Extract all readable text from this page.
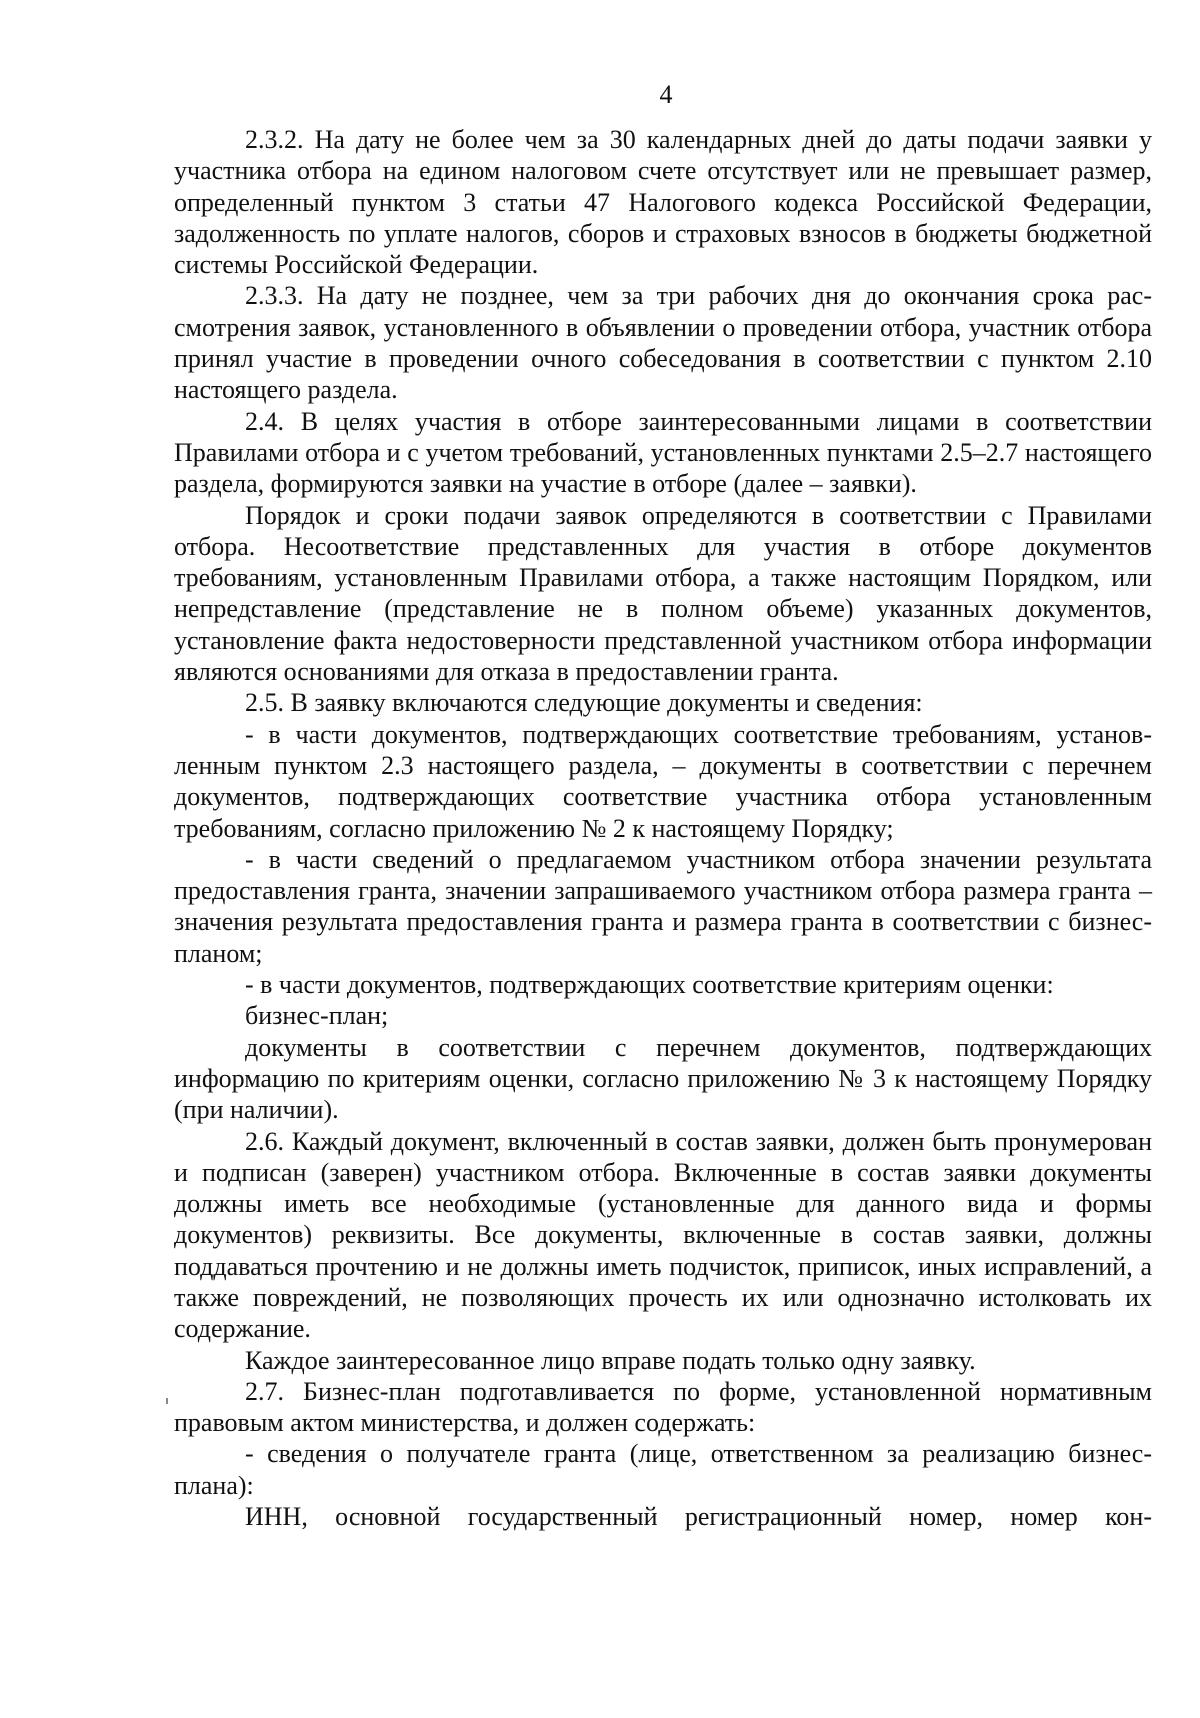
4

2.3.2. На дату не более чем за 30 календарных дней до даты подачи заявки у участника отбора на едином налоговом счете отсутствует или не превышает размер, определенный пунктом 3 статьи 47 Налогового кодекса Российской Федерации, задолженность по уплате налогов, сборов и страховых взносов в бюджеты бюджетной системы Российской Федерации.

2.3.3. На дату не позднее, чем за три рабочих дня до окончания срока рассмотрения заявок, установленного в объявлении о проведении отбора, участник отбора принял участие в проведении очного собеседования в соответствии с пунктом 2.10 настоящего раздела.

2.4. В целях участия в отборе заинтересованными лицами в соответствии Правилами отбора и с учетом требований, установленных пунктами 2.5–2.7 настоящего раздела, формируются заявки на участие в отборе (далее – заявки).

Порядок и сроки подачи заявок определяются в соответствии с Правилами отбора. Несоответствие представленных для участия в отборе документов требованиям, установленным Правилами отбора, а также настоящим Порядком, или непредставление (представление не в полном объеме) указанных документов, установление факта недостоверности представленной участником отбора информации являются основаниями для отказа в предоставлении гранта.

2.5. В заявку включаются следующие документы и сведения:

- в части документов, подтверждающих соответствие требованиям, установленным пунктом 2.3 настоящего раздела, – документы в соответствии с перечнем документов, подтверждающих соответствие участника отбора установленным требованиям, согласно приложению № 2 к настоящему Порядку;

- в части сведений о предлагаемом участником отбора значении результата предоставления гранта, значении запрашиваемого участником отбора размера гранта – значения результата предоставления гранта и размера гранта в соответствии с бизнес-планом;

- в части документов, подтверждающих соответствие критериям оценки:

бизнес-план;

документы в соответствии с перечнем документов, подтверждающих информацию по критериям оценки, согласно приложению № 3 к настоящему Порядку (при наличии).

2.6. Каждый документ, включенный в состав заявки, должен быть пронумерован и подписан (заверен) участником отбора. Включенные в состав заявки документы должны иметь все необходимые (установленные для данного вида и формы документов) реквизиты. Все документы, включенные в состав заявки, должны поддаваться прочтению и не должны иметь подчисток, приписок, иных исправлений, а также повреждений, не позволяющих прочесть их или однозначно истолковать их содержание.

Каждое заинтересованное лицо вправе подать только одну заявку.

2.7. Бизнес-план подготавливается по форме, установленной нормативным правовым актом министерства, и должен содержать:

- сведения о получателе гранта (лице, ответственном за реализацию бизнес-плана):

ИНН, основной государственный регистрационный номер, номер кон-
